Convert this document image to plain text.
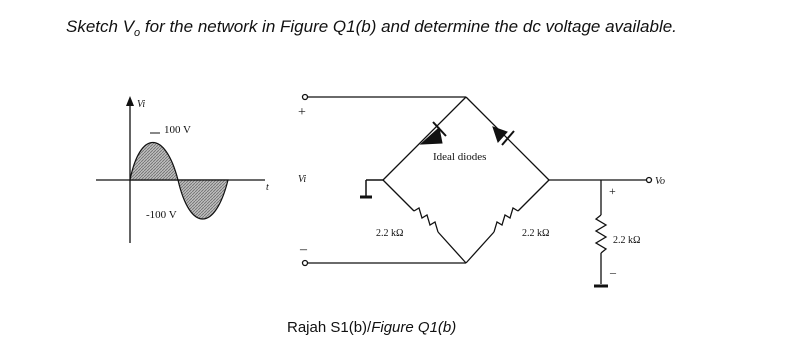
Sketch $V_o$ for the network in Figure Q1(b) and determine the dc voltage available.
Vi
100 V
-100 V
t
+
Vi
–
Ideal diodes
2.2 kΩ	2.2 kΩ
+
Vo
2.2 kΩ
–
Rajah S1(b)/Figure Q1(b)
